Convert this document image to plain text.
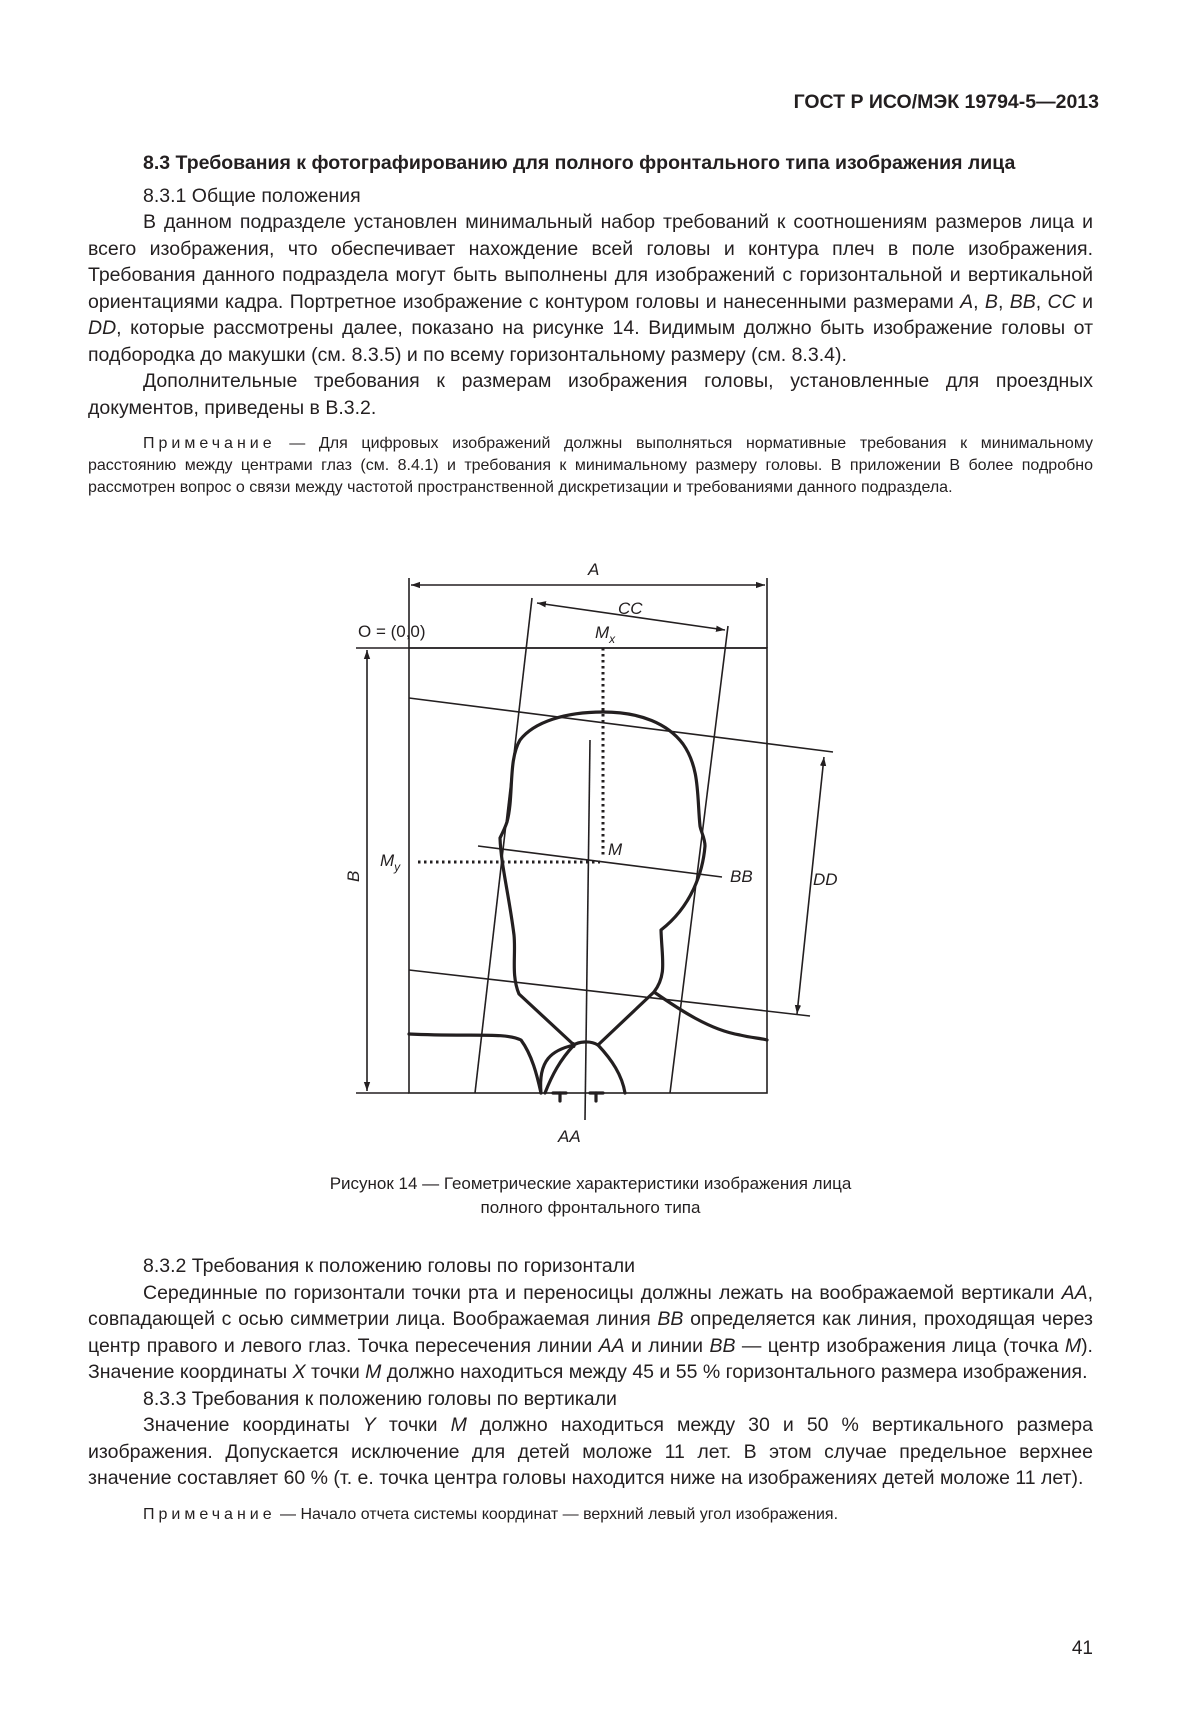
ГОСТ Р ИСО/МЭК 19794-5—2013

8.3 Требования к фотографированию для полного фронтального типа изображения лица

8.3.1 Общие положения

В данном подразделе установлен минимальный набор требований к соотношениям размеров лица и всего изображения, что обеспечивает нахождение всей головы и контура плеч в поле изображения. Требования данного подраздела могут быть выполнены для изображений с горизонтальной и вертикальной ориентациями кадра. Портретное изображение с контуром головы и нанесенными размерами A, B, BB, CC и DD, которые рассмотрены далее, показано на рисунке 14. Видимым должно быть изображение головы от подбородка до макушки (см. 8.3.5) и по всему горизонтальному размеру (см. 8.3.4).

Дополнительные требования к размерам изображения головы, установленные для проездных документов, приведены в В.3.2.

Примечание — Для цифровых изображений должны выполняться нормативные требования к минимальному расстоянию между центрами глаз (см. 8.4.1) и требования к минимальному размеру головы. В приложении В более подробно рассмотрен вопрос о связи между частотой пространственной дискретизации и требованиями данного подраздела.

A
CC
O = (0,0)	$M_x$
$M_y$
M
BB	DD
B
AA
Рисунок 14 — Геометрические характеристики изображения лица
полного фронтального типа

8.3.2 Требования к положению головы по горизонтали

Серединные по горизонтали точки рта и переносицы должны лежать на воображаемой вертикали AA, совпадающей с осью симметрии лица. Воображаемая линия BB определяется как линия, проходящая через центр правого и левого глаз. Точка пересечения линии AA и линии BB — центр изображения лица (точка M). Значение координаты X точки M должно находиться между 45 и 55 % горизонтального размера изображения.

8.3.3 Требования к положению головы по вертикали

Значение координаты Y точки M должно находиться между 30 и 50 % вертикального размера изображения. Допускается исключение для детей моложе 11 лет. В этом случае предельное верхнее значение составляет 60 % (т. е. точка центра головы находится ниже на изображениях детей моложе 11 лет).

Примечание — Начало отчета системы координат — верхний левый угол изображения.

41
